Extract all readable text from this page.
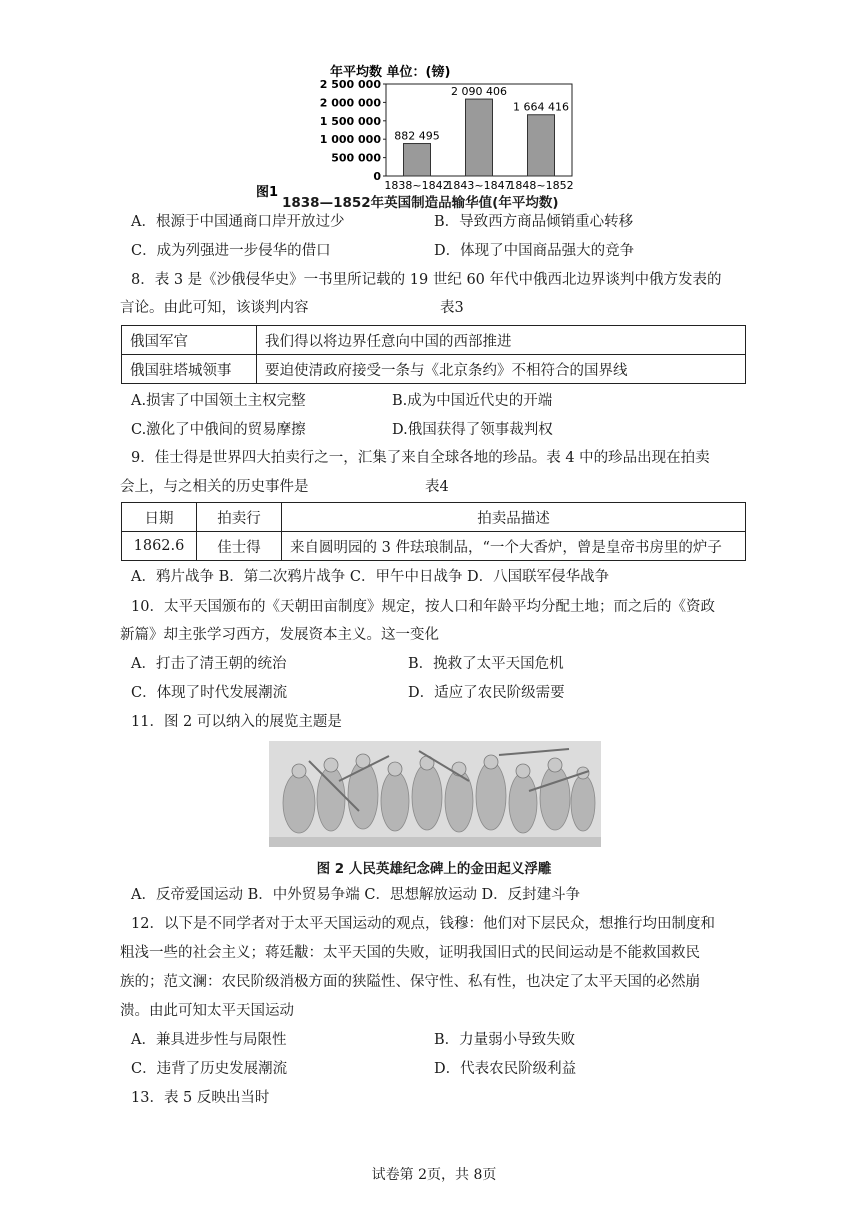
年平均数 单位：(镑)
0
500 000
1 000 000
1 500 000
2 000 000
2 500 000
882 495
2 090 406
1 664 416
1838~1842
1843~1847
1848~1852
图1
1838—1852年英国制造品输华值(年平均数)
A．根源于中国通商口岸开放过少	B．导致西方商品倾销重心转移
C．成为列强进一步侵华的借口	D．体现了中国商品强大的竞争
8．表 3 是《沙俄侵华史》一书里所记载的 19 世纪 60 年代中俄西北边界谈判中俄方发表的
言论。由此可知，该谈判内容	表3
俄国军官	我们得以将边界任意向中国的西部推进
俄国驻塔城领事	要迫使清政府接受一条与《北京条约》不相符合的国界线
A.损害了中国领土主权完整	B.成为中国近代史的开端
C.激化了中俄间的贸易摩擦	D.俄国获得了领事裁判权
9．佳士得是世界四大拍卖行之一，汇集了来自全球各地的珍品。表 4 中的珍品出现在拍卖
会上，与之相关的历史事件是	表4
日期	拍卖行	拍卖品描述
1862.6	佳士得	来自圆明园的 3 件珐琅制品，“一个大香炉，曾是皇帝书房里的炉子
A．鸦片战争 B．第二次鸦片战争 C．甲午中日战争 D．八国联军侵华战争
10．太平天国颁布的《天朝田亩制度》规定，按人口和年龄平均分配土地；而之后的《资政
新篇》却主张学习西方，发展资本主义。这一变化
A．打击了清王朝的统治	B．挽救了太平天国危机
C．体现了时代发展潮流	D．适应了农民阶级需要
11．图 2 可以纳入的展览主题是
图 2 人民英雄纪念碑上的金田起义浮雕
A．反帝爱国运动 B．中外贸易争端 C．思想解放运动 D．反封建斗争
12．以下是不同学者对于太平天国运动的观点，钱穆：他们对下层民众，想推行均田制度和
粗浅一些的社会主义；蒋廷黻：太平天国的失败，证明我国旧式的民间运动是不能救国救民
族的；范文澜：农民阶级消极方面的狭隘性、保守性、私有性，也决定了太平天国的必然崩
溃。由此可知太平天国运动
A．兼具进步性与局限性	B．力量弱小导致失败
C．违背了历史发展潮流	D．代表农民阶级利益
13．表 5 反映出当时
试卷第 2页，共 8页
